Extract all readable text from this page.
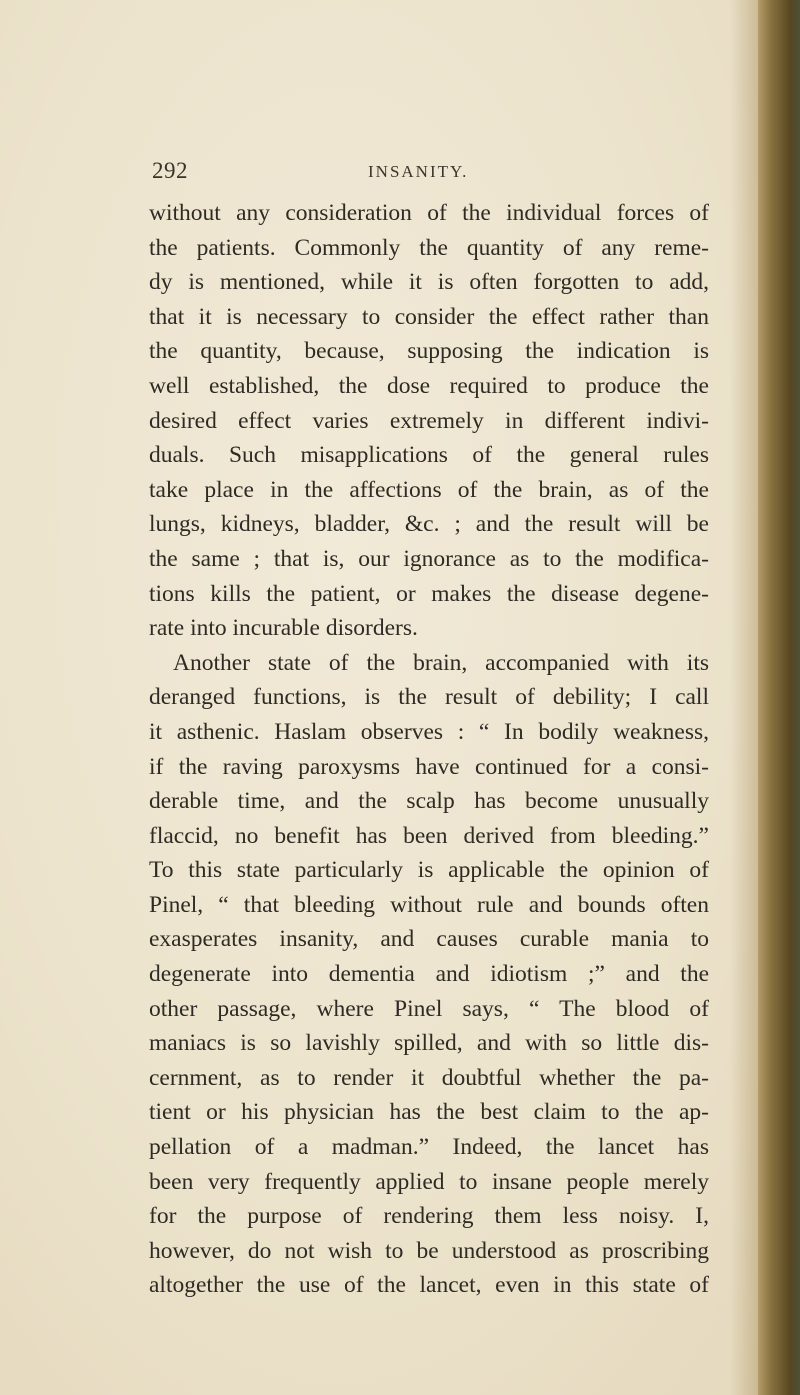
292	INSANITY.
without any consideration of the individual forces of
the patients. Commonly the quantity of any reme-
dy is mentioned, while it is often forgotten to add,
that it is necessary to consider the effect rather than
the quantity, because, supposing the indication is
well established, the dose required to produce the
desired effect varies extremely in different indivi-
duals. Such misapplications of the general rules
take place in the affections of the brain, as of the
lungs, kidneys, bladder, &c. ; and the result will be
the same ; that is, our ignorance as to the modifica-
tions kills the patient, or makes the disease degene-
rate into incurable disorders.
Another state of the brain, accompanied with its
deranged functions, is the result of debility; I call
it asthenic. Haslam observes : “ In bodily weakness,
if the raving paroxysms have continued for a consi-
derable time, and the scalp has become unusually
flaccid, no benefit has been derived from bleeding.”
To this state particularly is applicable the opinion of
Pinel, “ that bleeding without rule and bounds often
exasperates insanity, and causes curable mania to
degenerate into dementia and idiotism ;” and the
other passage, where Pinel says, “ The blood of
maniacs is so lavishly spilled, and with so little dis-
cernment, as to render it doubtful whether the pa-
tient or his physician has the best claim to the ap-
pellation of a madman.” Indeed, the lancet has
been very frequently applied to insane people merely
for the purpose of rendering them less noisy. I,
however, do not wish to be understood as proscribing
altogether the use of the lancet, even in this state of
